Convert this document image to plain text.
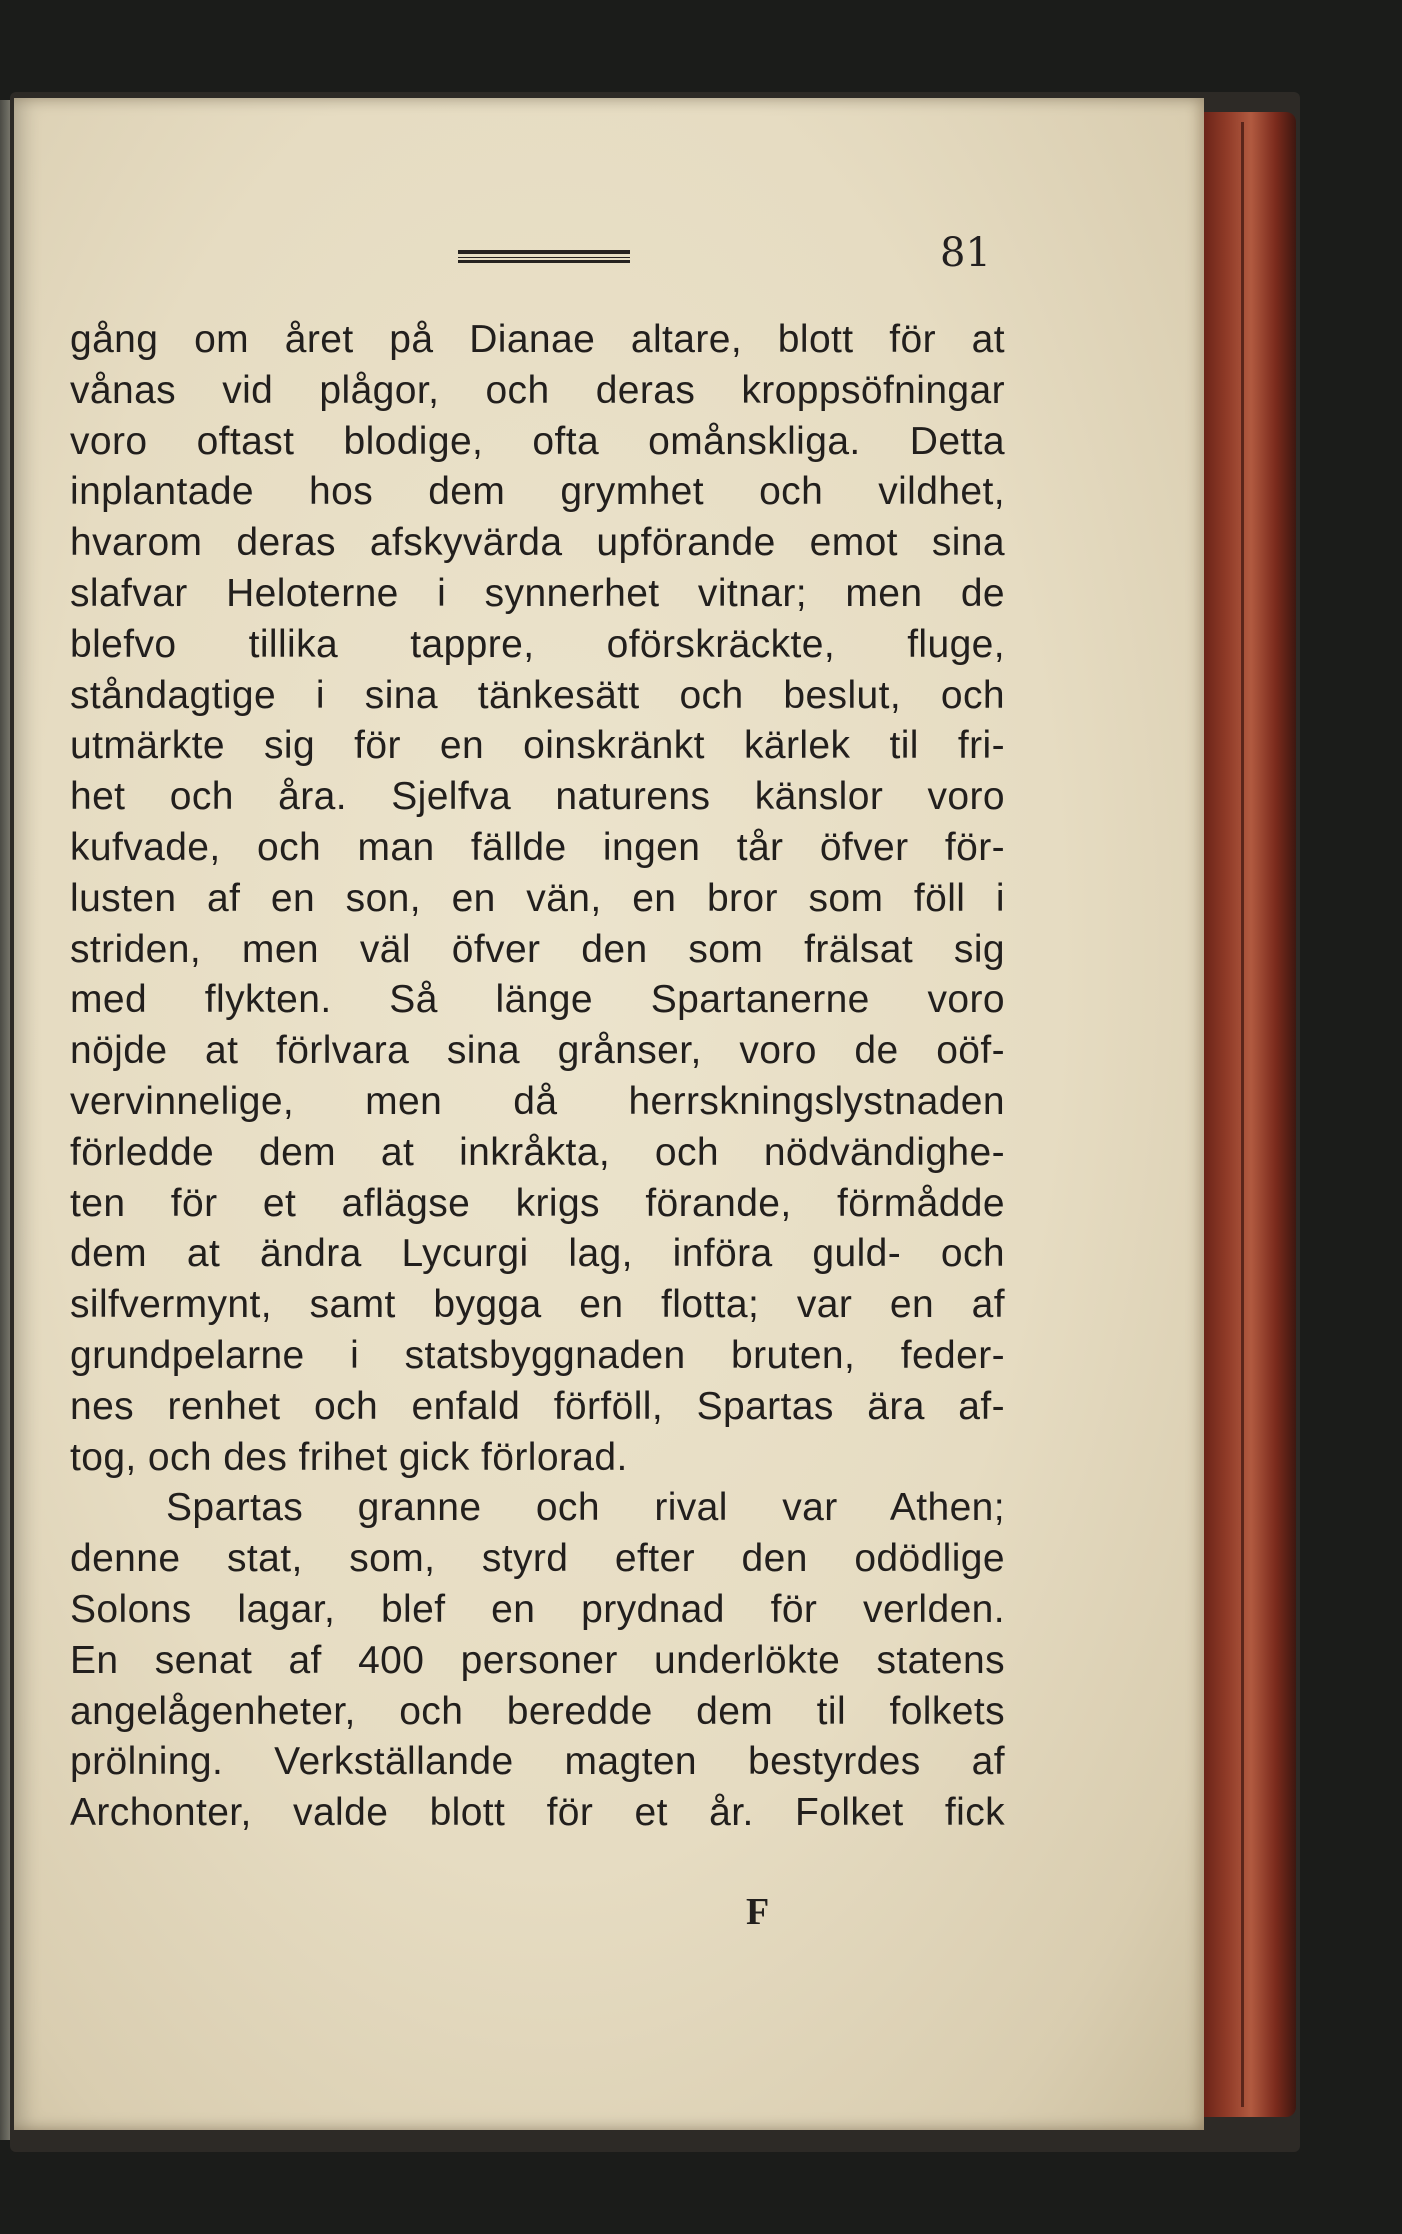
81
gång om året på Dianae altare, blott för at
vånas vid plågor, och deras kroppsöfningar
voro oftast blodige, ofta omånskliga. Detta
inplantade hos dem grymhet och vildhet,
hvarom deras afskyvärda upförande emot sina
slafvar Heloterne i synnerhet vitnar; men de
blefvo tillika tappre, oförskräckte, fluge,
ståndagtige i sina tänkesätt och beslut, och
utmärkte sig för en oinskränkt kärlek til fri-
het och åra. Sjelfva naturens känslor voro
kufvade, och man fällde ingen tår öfver för-
lusten af en son, en vän, en bror som föll i
striden, men väl öfver den som frälsat sig
med flykten. Så länge Spartanerne voro
nöjde at förlvara sina grånser, voro de oöf-
vervinnelige, men då herrskningslystnaden
förledde dem at inkråkta, och nödvändighe-
ten för et aflägse krigs förande, förmådde
dem at ändra Lycurgi lag, införa guld- och
silfvermynt, samt bygga en flotta; var en af
grundpelarne i statsbyggnaden bruten, feder-
nes renhet och enfald förföll, Spartas ära af-
tog, och des frihet gick förlorad.
Spartas granne och rival var Athen;
denne stat, som, styrd efter den odödlige
Solons lagar, blef en prydnad för verlden.
En senat af 400 personer underlökte statens
angelågenheter, och beredde dem til folkets
prölning. Verkställande magten bestyrdes af
Archonter, valde blott för et år. Folket fick
F
